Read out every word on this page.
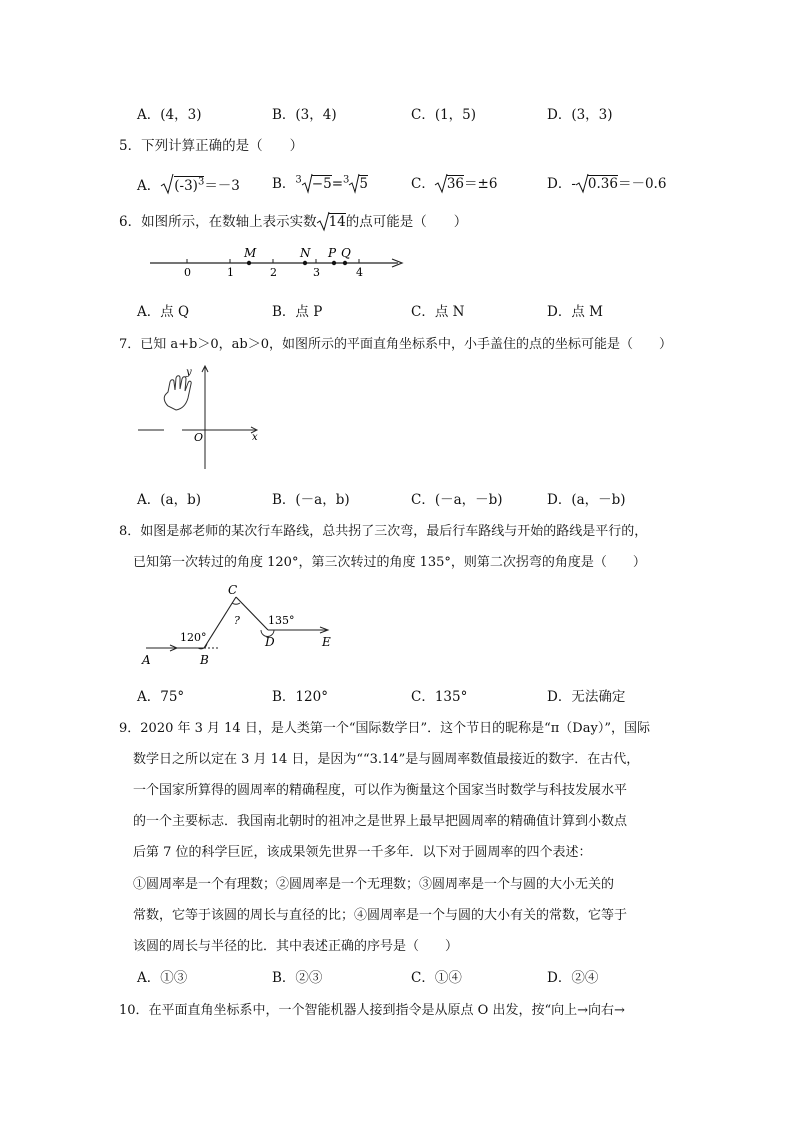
A．(4，3)	B．(3，4)	C．(1，5)	D．(3，3)
5．下列计算正确的是（　　）
A． $(-3)^3=-3$ B．$^3$ −5=$^3$ 5	C． 36＝±6	D．- 0.36＝－0.6
6．如图所示，在数轴上表示实数 14的点可能是（　　）
0	1	2	3	4
M	N P Q
A．点 Q	B．点 P	C．点 N	D．点 M
7．已知 a+b＞0，ab＞0，如图所示的平面直角坐标系中，小手盖住的点的坐标可能是（　　）
y
O	x
A．(a，b)	B．(－a，b)	C．(－a，－b)	D．(a，－b)
8．如图是郝老师的某次行车路线，总共拐了三次弯，最后行车路线与开始的路线是平行的，
已知第一次转过的角度 120°，第三次转过的角度 135°，则第二次拐弯的角度是（　　）
A	B
C
D	E
120°
?	135°
A．75°	B．120°	C．135°	D．无法确定
9．2020 年 3 月 14 日，是人类第一个“国际数学日”．这个节日的昵称是“π（Day）”，国际
数学日之所以定在 3 月 14 日，是因为““3.14”是与圆周率数值最接近的数字．在古代，
一个国家所算得的圆周率的精确程度，可以作为衡量这个国家当时数学与科技发展水平
的一个主要标志．我国南北朝时的祖冲之是世界上最早把圆周率的精确值计算到小数点
后第 7 位的科学巨匠，该成果领先世界一千多年．以下对于圆周率的四个表述：
①圆周率是一个有理数；②圆周率是一个无理数；③圆周率是一个与圆的大小无关的
常数，它等于该圆的周长与直径的比；④圆周率是一个与圆的大小有关的常数，它等于
该圆的周长与半径的比．其中表述正确的序号是（　　）
A．①③	B．②③	C．①④	D．②④
10．在平面直角坐标系中，一个智能机器人接到指令是从原点 O 出发，按“向上→向右→
